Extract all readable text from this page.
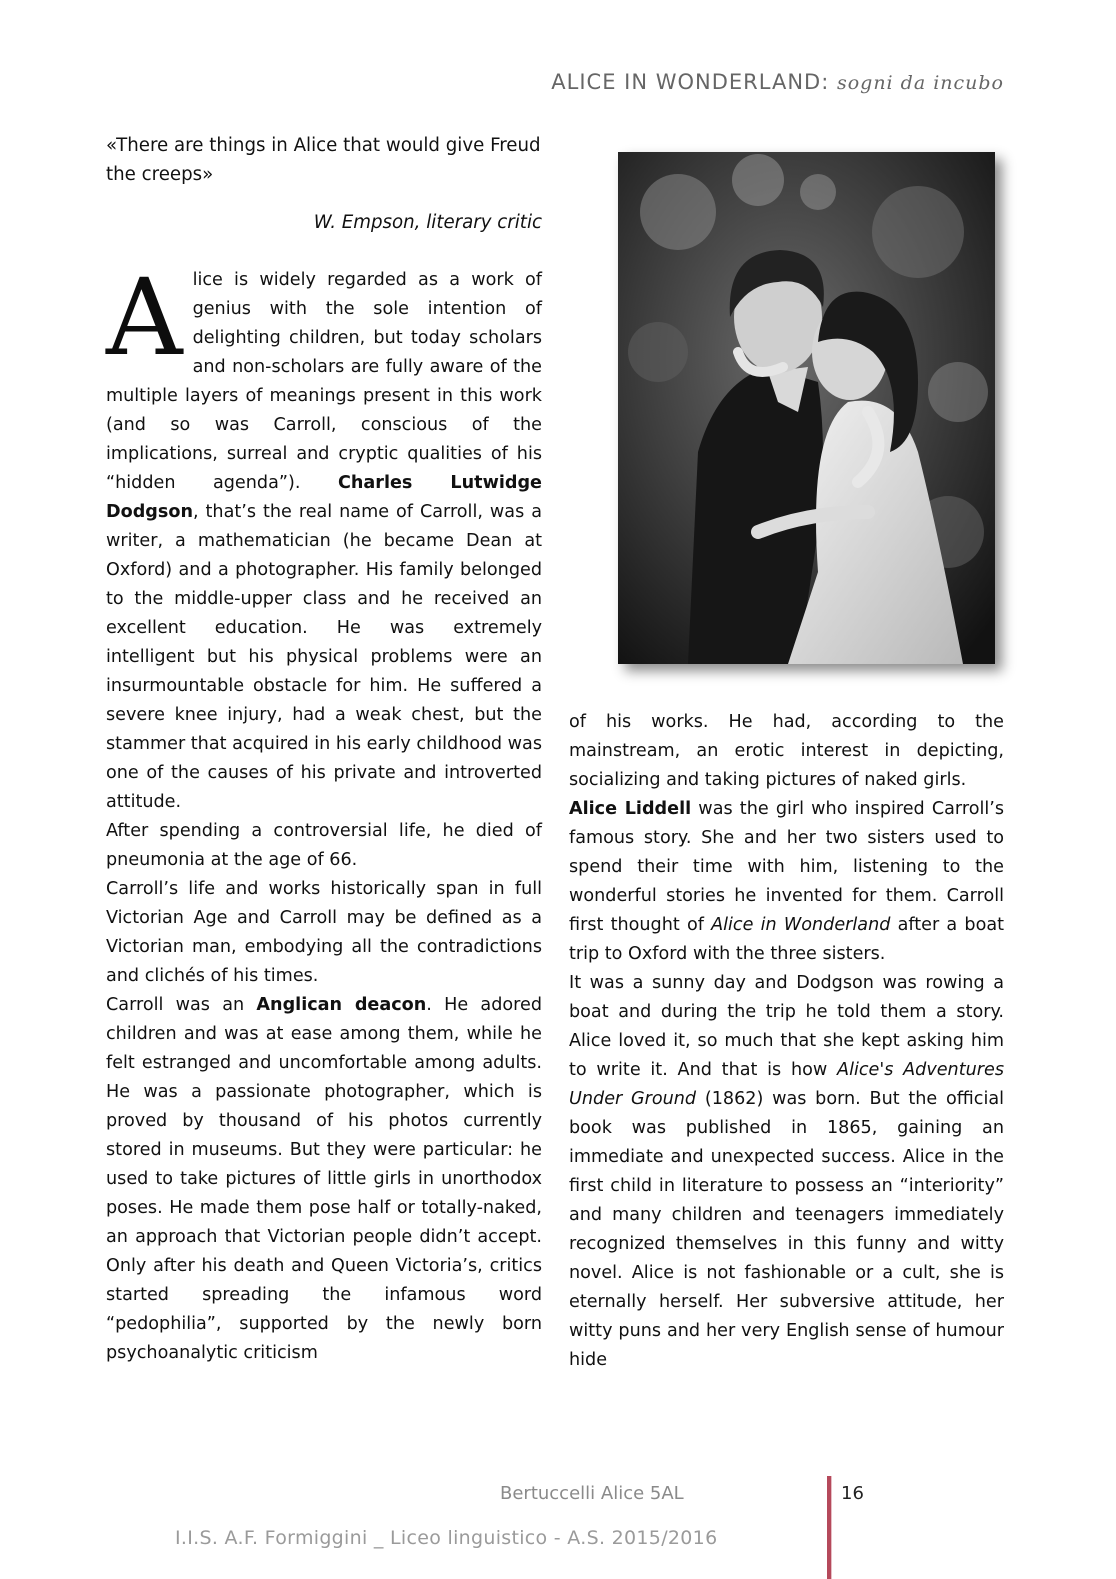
ALICE IN WONDERLAND: sogni da incubo
«There are things in Alice that would give Freud the creeps»
W. Empson, literary critic

Alice is widely regarded as a work of genius with the sole intention of delighting children, but today scholars and non-scholars are fully aware of the multiple layers of meanings present in this work (and so was Carroll, conscious of the implications, surreal and cryptic qualities of his “hidden agenda”). Charles Lutwidge Dodgson, that’s the real name of Carroll, was a writer, a mathematician (he became Dean at Oxford) and a photographer. His family belonged to the middle-upper class and he received an excellent education. He was extremely intelligent but his physical problems were an insurmountable obstacle for him. He suffered a severe knee injury, had a weak chest, but the stammer that acquired in his early childhood was one of the causes of his private and introverted attitude.

After spending a controversial life, he died of pneumonia at the age of 66.

Carroll’s life and works historically span in full Victorian Age and Carroll may be defined as a Victorian man, embodying all the contradictions and clichés of his times.

Carroll was an Anglican deacon. He adored children and was at ease among them, while he felt estranged and uncomfortable among adults. He was a passionate photographer, which is proved by thousand of his photos currently stored in museums. But they were particular: he used to take pictures of little girls in unorthodox poses. He made them pose half or totally-naked, an approach that Victorian people didn’t accept. Only after his death and Queen Victoria’s, critics started spreading the infamous word “pedophilia”, supported by the newly born psychoanalytic criticism

of his works. He had, according to the mainstream, an erotic interest in depicting, socializing and taking pictures of naked girls.

Alice Liddell was the girl who inspired Carroll’s famous story. She and her two sisters used to spend their time with him, listening to the wonderful stories he invented for them. Carroll first thought of Alice in Wonderland after a boat trip to Oxford with the three sisters.

It was a sunny day and Dodgson was rowing a boat and during the trip he told them a story. Alice loved it, so much that she kept asking him to write it. And that is how Alice's Adventures Under Ground (1862) was born. But the official book was published in 1865, gaining an immediate and unexpected success. Alice in the first child in literature to possess an “interiority” and many children and teenagers immediately recognized themselves in this funny and witty novel. Alice is not fashionable or a cult, she is eternally herself. Her subversive attitude, her witty puns and her very English sense of humour hide

Bertuccelli Alice 5AL	16
I.I.S. A.F. Formiggini _ Liceo linguistico - A.S. 2015/2016
